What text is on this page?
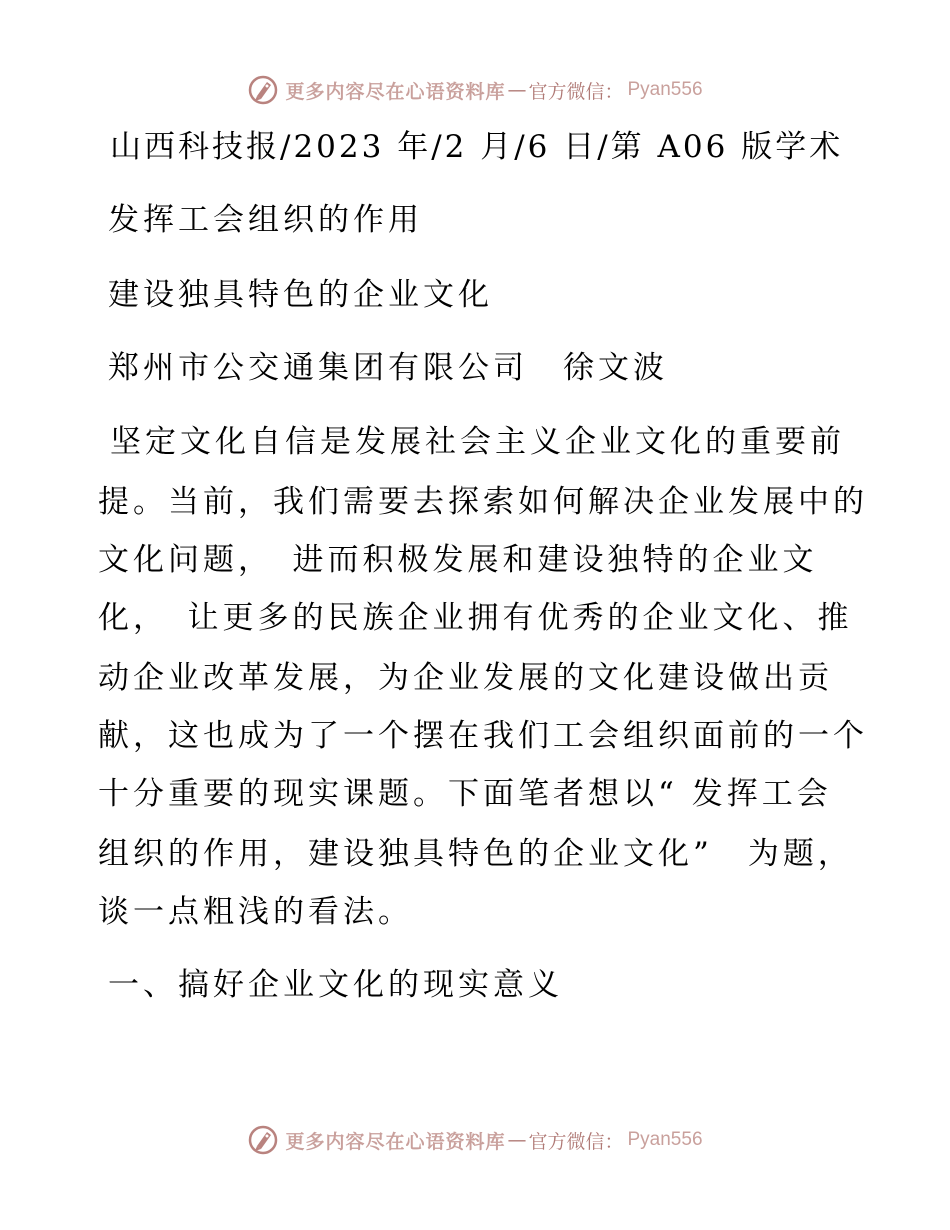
更多内容尽在心语资料库 — 官方微信： Pyan556
山西科技报/2023 年/2 月/6 日/第 A06 版学术
发挥工会组织的作用
建设独具特色的企业文化
郑州市公交通集团有限公司　徐文波
坚定文化自信是发展社会主义企业文化的重要前
提。当前，我们需要去探索如何解决企业发展中的
文化问题，　进而积极发展和建设独特的企业文
化，　让更多的民族企业拥有优秀的企业文化、推
动企业改革发展，为企业发展的文化建设做出贡
献，这也成为了一个摆在我们工会组织面前的一个
十分重要的现实课题。下面笔者想以“ 发挥工会
组织的作用，建设独具特色的企业文化”　为题，
谈一点粗浅的看法。
一、搞好企业文化的现实意义
更多内容尽在心语资料库 — 官方微信： Pyan556
